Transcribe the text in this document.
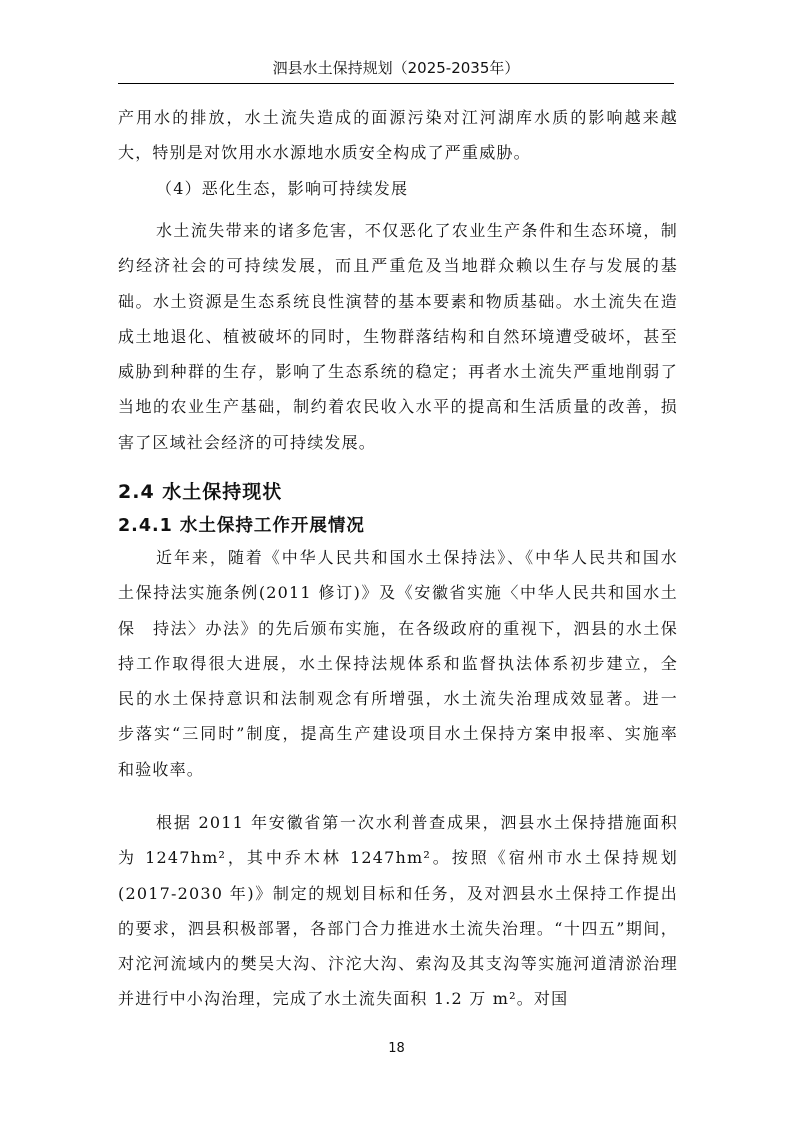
泗县水土保持规划（2025-2035年）

产用水的排放，水土流失造成的面源污染对江河湖库水质的影响越来越大，特别是对饮用水水源地水质安全构成了严重威胁。

（4）恶化生态，影响可持续发展

水土流失带来的诸多危害，不仅恶化了农业生产条件和生态环境，制约经济社会的可持续发展，而且严重危及当地群众赖以生存与发展的基础。水土资源是生态系统良性演替的基本要素和物质基础。水土流失在造成土地退化、植被破坏的同时，生物群落结构和自然环境遭受破坏，甚至威胁到种群的生存，影响了生态系统的稳定；再者水土流失严重地削弱了当地的农业生产基础，制约着农民收入水平的提高和生活质量的改善，损害了区域社会经济的可持续发展。

2.4 水土保持现状
2.4.1 水土保持工作开展情况

近年来，随着《中华人民共和国水土保持法》、《中华人民共和国水　土保持法实施条例(2011 修订)》及《安徽省实施〈中华人民共和国水土保　持法〉办法》的先后颁布实施，在各级政府的重视下，泗县的水土保　持工作取得很大进展，水土保持法规体系和监督执法体系初步建立，全　民的水土保持意识和法制观念有所增强，水土流失治理成效显著。进一　步落实“三同时”制度，提高生产建设项目水土保持方案申报率、实施率　和验收率。

根据 2011 年安徽省第一次水利普查成果，泗县水土保持措施面积为 1247hm²，其中乔木林 1247hm²。按照《宿州市水土保持规划(2017-2030 年)》制定的规划目标和任务，及对泗县水土保持工作提出的要求，泗县积极部署，各部门合力推进水土流失治理。“十四五”期间，对沱河流域内的樊吴大沟、汴沱大沟、索沟及其支沟等实施河道清淤治理并进行中小沟治理，完成了水土流失面积 1.2 万 m²。对国

18
